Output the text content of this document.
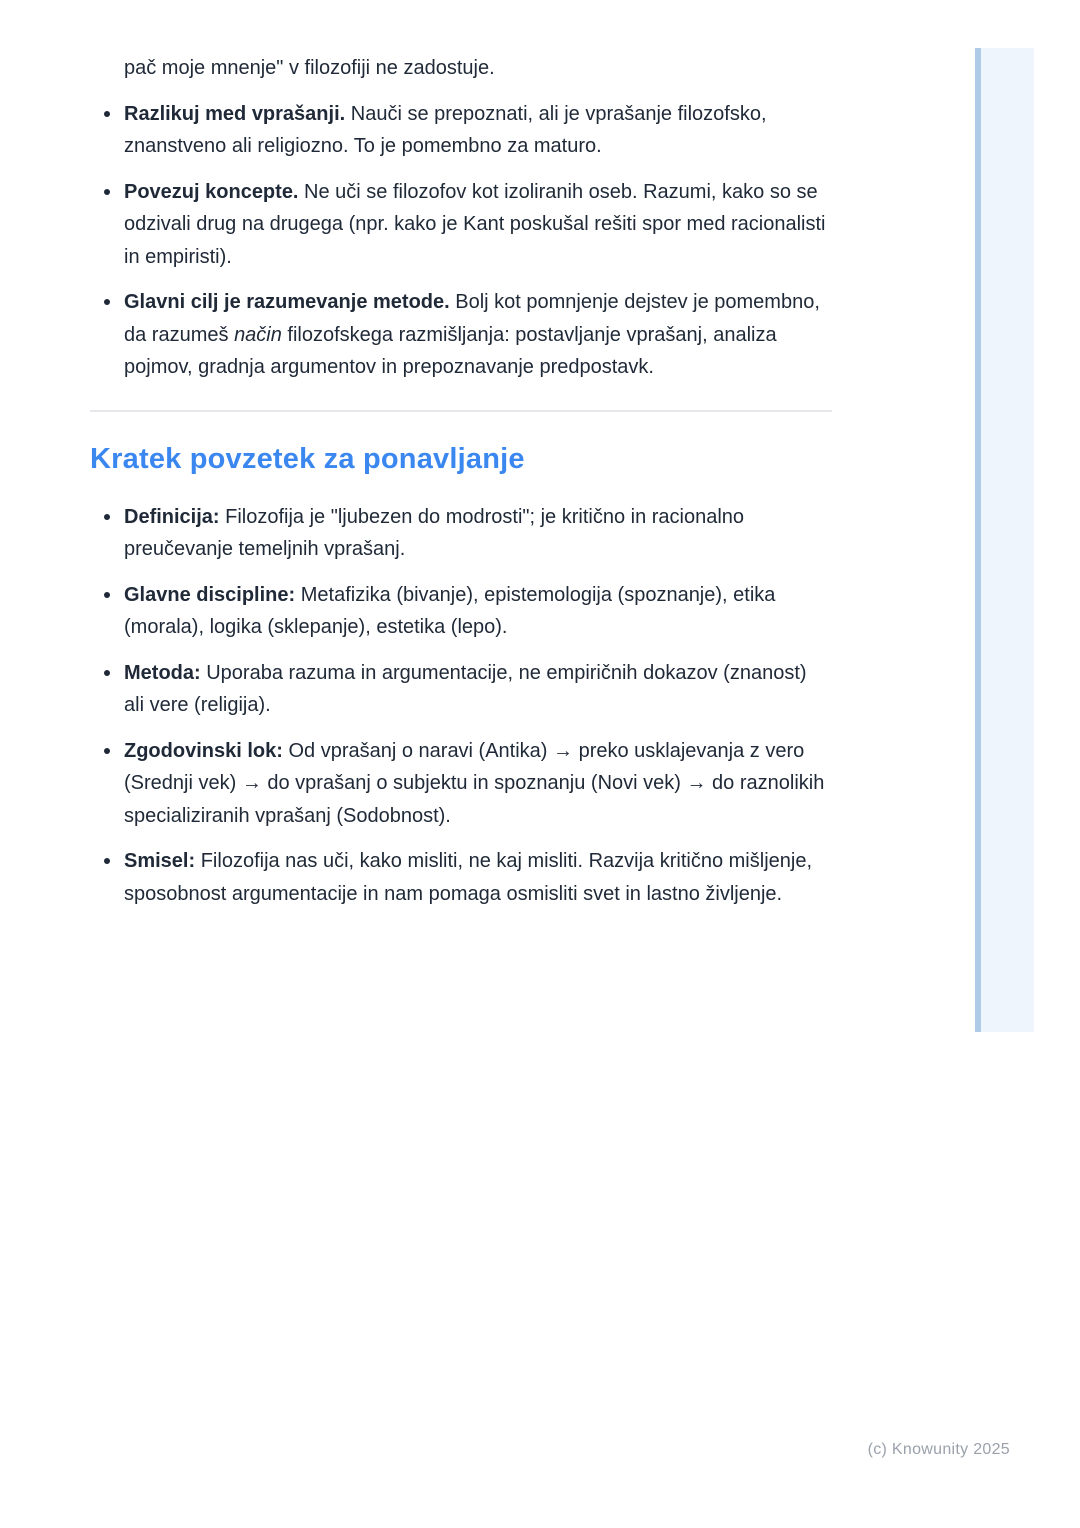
pač moje mnenje" v filozofiji ne zadostuje.

Razlikuj med vprašanji. Nauči se prepoznati, ali je vprašanje filozofsko, znanstveno ali religiozno. To je pomembno za maturo.
Povezuj koncepte. Ne uči se filozofov kot izoliranih oseb. Razumi, kako so se odzivali drug na drugega (npr. kako je Kant poskušal rešiti spor med racionalisti in empiristi).
Glavni cilj je razumevanje metode. Bolj kot pomnjenje dejstev je pomembno, da razumeš način filozofskega razmišljanja: postavljanje vprašanj, analiza pojmov, gradnja argumentov in prepoznavanje predpostavk.
Kratek povzetek za ponavljanje
Definicija: Filozofija je "ljubezen do modrosti"; je kritično in racionalno preučevanje temeljnih vprašanj.
Glavne discipline: Metafizika (bivanje), epistemologija (spoznanje), etika (morala), logika (sklepanje), estetika (lepo).
Metoda: Uporaba razuma in argumentacije, ne empiričnih dokazov (znanost) ali vere (religija).
Zgodovinski lok: Od vprašanj o naravi (Antika) → preko usklajevanja z vero (Srednji vek) → do vprašanj o subjektu in spoznanju (Novi vek) → do raznolikih specializiranih vprašanj (Sodobnost).
Smisel: Filozofija nas uči, kako misliti, ne kaj misliti. Razvija kritično mišljenje, sposobnost argumentacije in nam pomaga osmisliti svet in lastno življenje.
(c) Knowunity 2025
